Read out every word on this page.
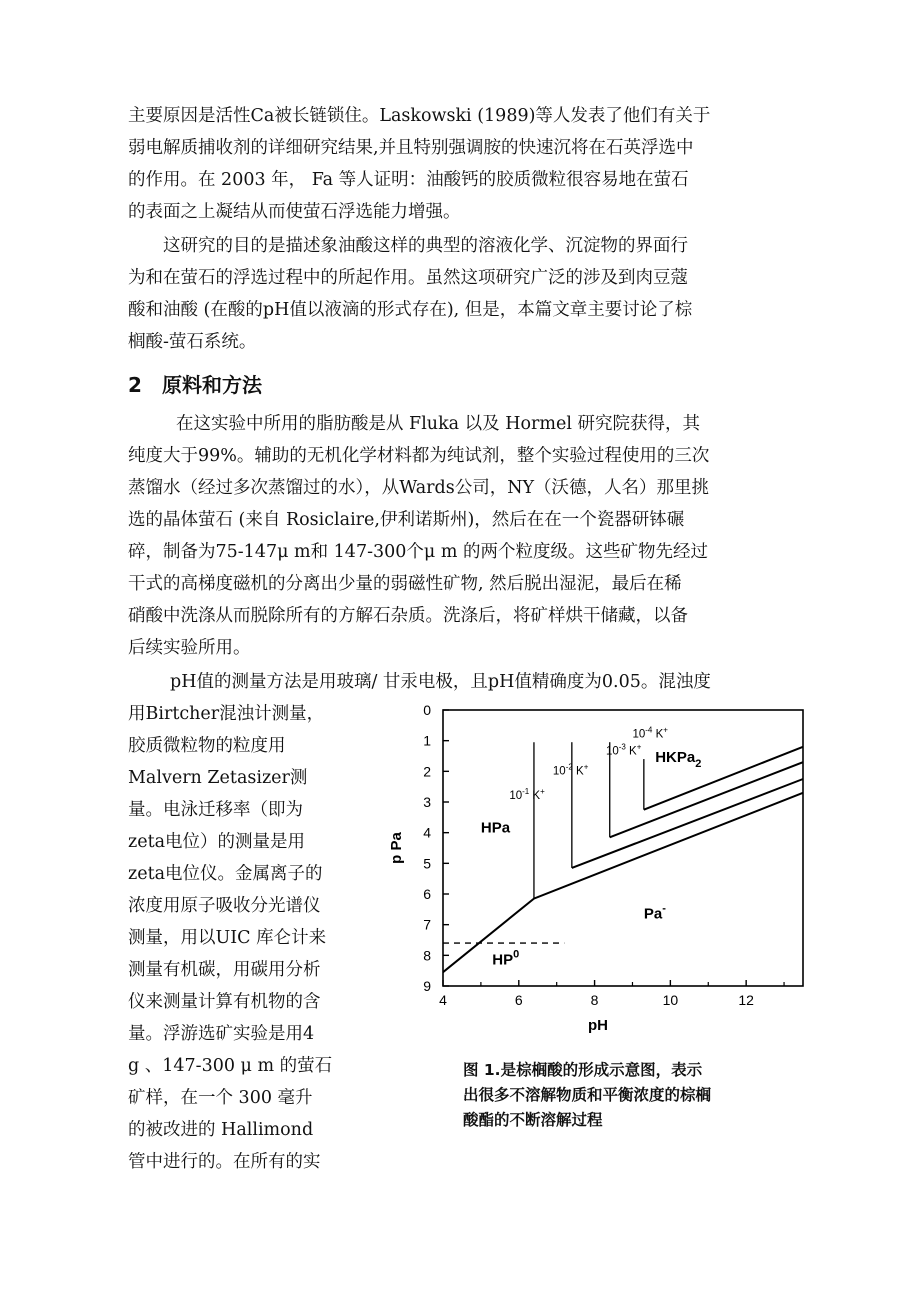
主要原因是活性Ca被长链锁住。Laskowski (1989)等人发表了他们有关于
弱电解质捕收剂的详细研究结果,并且特别强调胺的快速沉将在石英浮选中
的作用。在 2003 年， Fa 等人证明：油酸钙的胶质微粒很容易地在萤石
的表面之上凝结从而使萤石浮选能力增强。
这研究的目的是描述象油酸这样的典型的溶液化学、沉淀物的界面行
为和在萤石的浮选过程中的所起作用。虽然这项研究广泛的涉及到肉豆蔻
酸和油酸 (在酸的pH值以液滴的形式存在), 但是，本篇文章主要讨论了棕
榈酸-萤石系统。
2 原料和方法
在这实验中所用的脂肪酸是从 Fluka 以及 Hormel 研究院获得，其
纯度大于99%。辅助的无机化学材料都为纯试剂，整个实验过程使用的三次
蒸馏水（经过多次蒸馏过的水），从Wards公司，NY（沃德，人名）那里挑
选的晶体萤石 (来自 Rosiclaire,伊利诺斯州)，然后在在一个瓷器研钵碾
碎，制备为75-147μ m和 147-300个μ m 的两个粒度级。这些矿物先经过
干式的高梯度磁机的分离出少量的弱磁性矿物, 然后脱出湿泥，最后在稀
硝酸中洗涤从而脱除所有的方解石杂质。洗涤后，将矿样烘干储藏，以备
后续实验所用。
pH值的测量方法是用玻璃/ 甘汞电极，且pH值精确度为0.05。混浊度
用Birtcher混浊计测量，
胶质微粒物的粒度用
Malvern Zetasizer测
量。电泳迁移率（即为
zeta电位）的测量是用
zeta电位仪。金属离子的
浓度用原子吸收分光谱仪
测量，用以UIC 库仑计来
测量有机碳，用碳用分析
仪来测量计算有机物的含
量。浮游选矿实验是用4
g 、147-300 μ m 的萤石
矿样，在一个 300 毫升
的被改进的 Hallimond
管中进行的。在所有的实
0
1
2
3
4
5
6
7
8
9
4	6	8	10	12
pH
p Pa
$10^{-1}$ K+
$10^{-2}$ K+
$10^{-3}$ K+
$10^{-4}$ K+
HPa
HKPa$_2$
Pa-
$HP^0$
图 1.是棕榈酸的形成示意图，表示
出很多不溶解物质和平衡浓度的棕榈
酸酯的不断溶解过程
